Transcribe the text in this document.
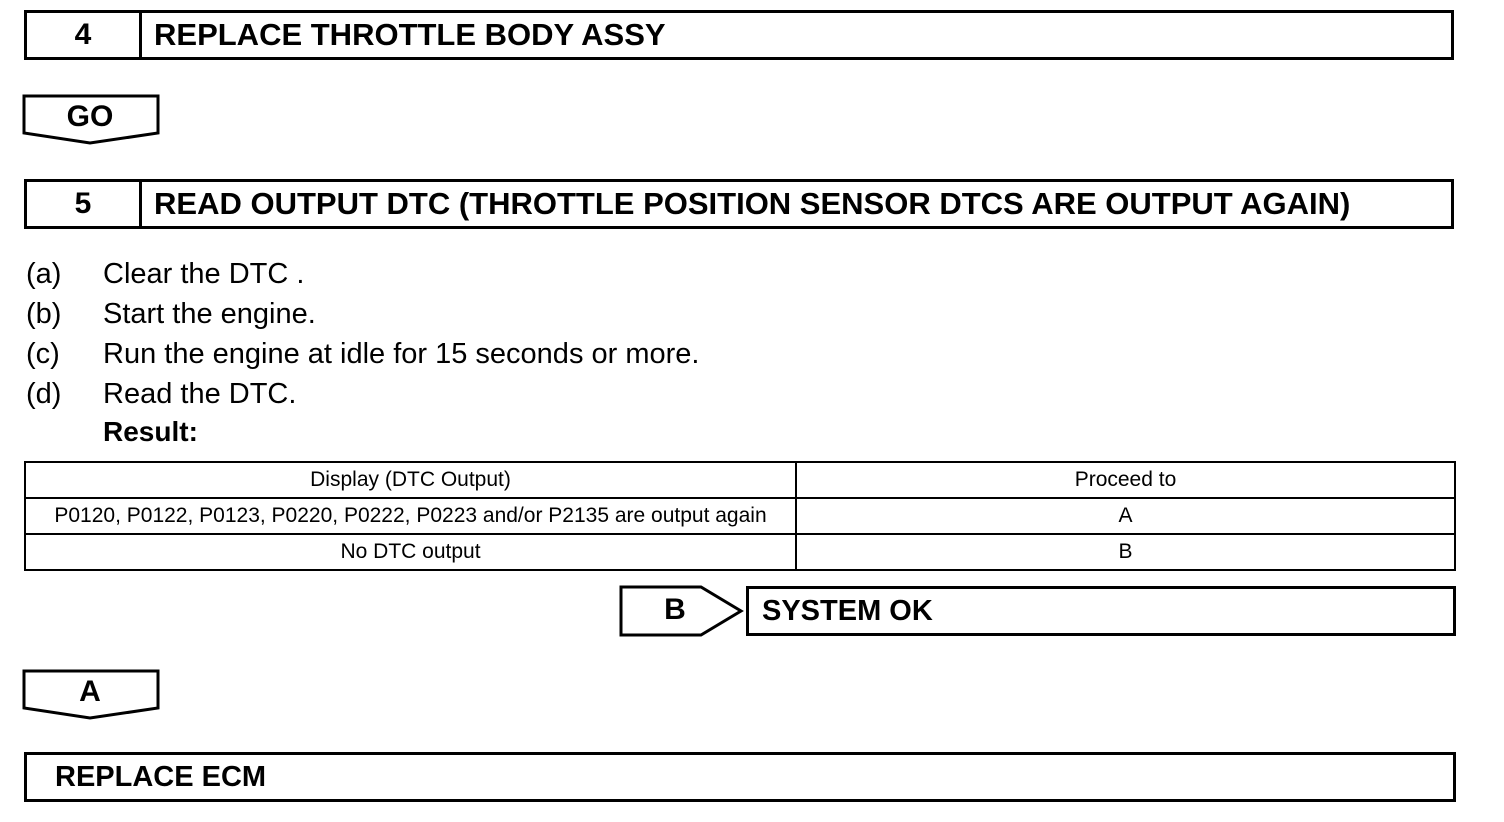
4	REPLACE THROTTLE BODY ASSY
GO
5	READ OUTPUT DTC (THROTTLE POSITION SENSOR DTCS ARE OUTPUT AGAIN)
(a)	Clear the DTC .
(b)	Start the engine.
(c)	Run the engine at idle for 15 seconds or more.
(d)	Read the DTC.
Result:
Display (DTC Output)	Proceed to
P0120, P0122, P0123, P0220, P0222, P0223 and/or P2135 are output again	A
No DTC output	B
B	SYSTEM OK
A
REPLACE ECM
